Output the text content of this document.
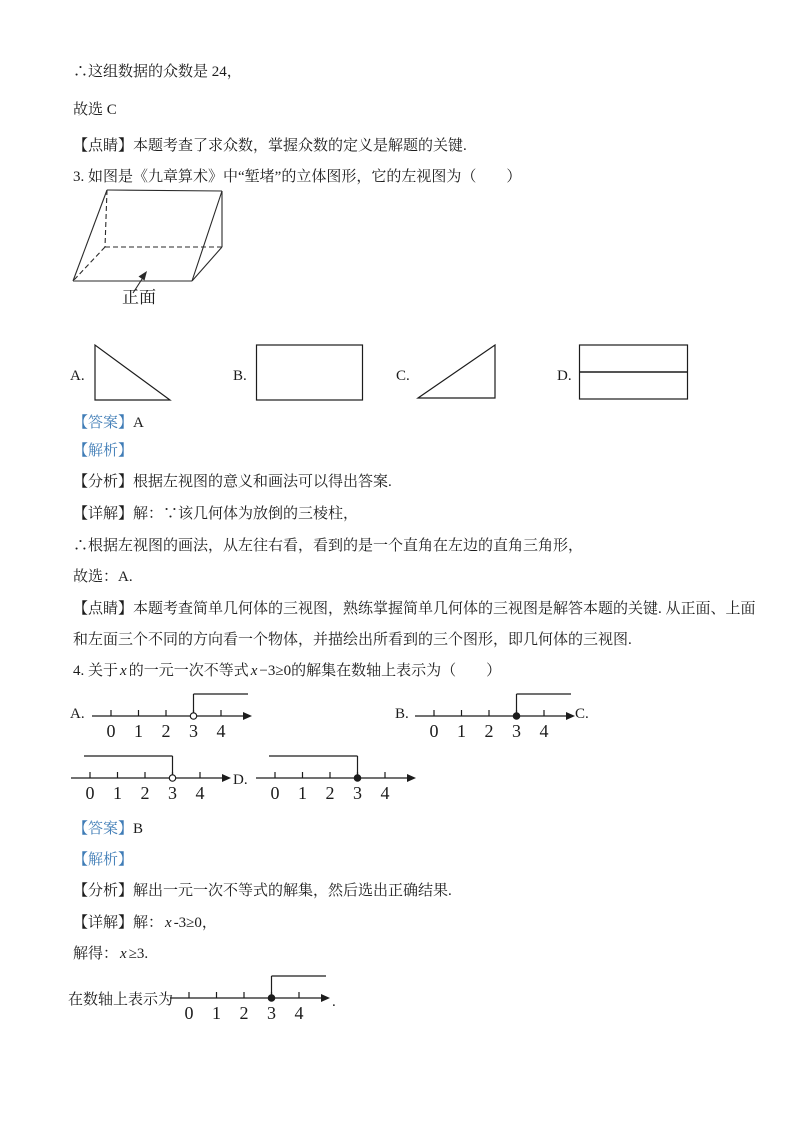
∴这组数据的众数是 24，
故选 C
【点睛】本题考查了求众数，掌握众数的定义是解题的关键.
3. 如图是《九章算术》中“堑堵”的立体图形，它的左视图为（　　）
正面
A.	B.	C.	D.
【答案】A
【解析】
【分析】根据左视图的意义和画法可以得出答案.
【详解】解：∵该几何体为放倒的三棱柱，
∴根据左视图的画法，从左往右看，看到的是一个直角在左边的直角三角形，
故选：A.
【点睛】本题考查简单几何体的三视图，熟练掌握简单几何体的三视图是解答本题的关键. 从正面、上面
和左面三个不同的方向看一个物体，并描绘出所看到的三个图形，即几何体的三视图.
4. 关于 x 的一元一次不等式 x −3≥0的解集在数轴上表示为（　　）
A.	B.	C.
D.
0 1 2 3 4	0 1 2 3 4
0 1 2 3 4	0 1 2 3 4
【答案】B
【解析】
【分析】解出一元一次不等式的解集，然后选出正确结果.
【详解】解： x -3≥0，
解得： x ≥3.
在数轴上表示为
0 1 2 3 4
.
